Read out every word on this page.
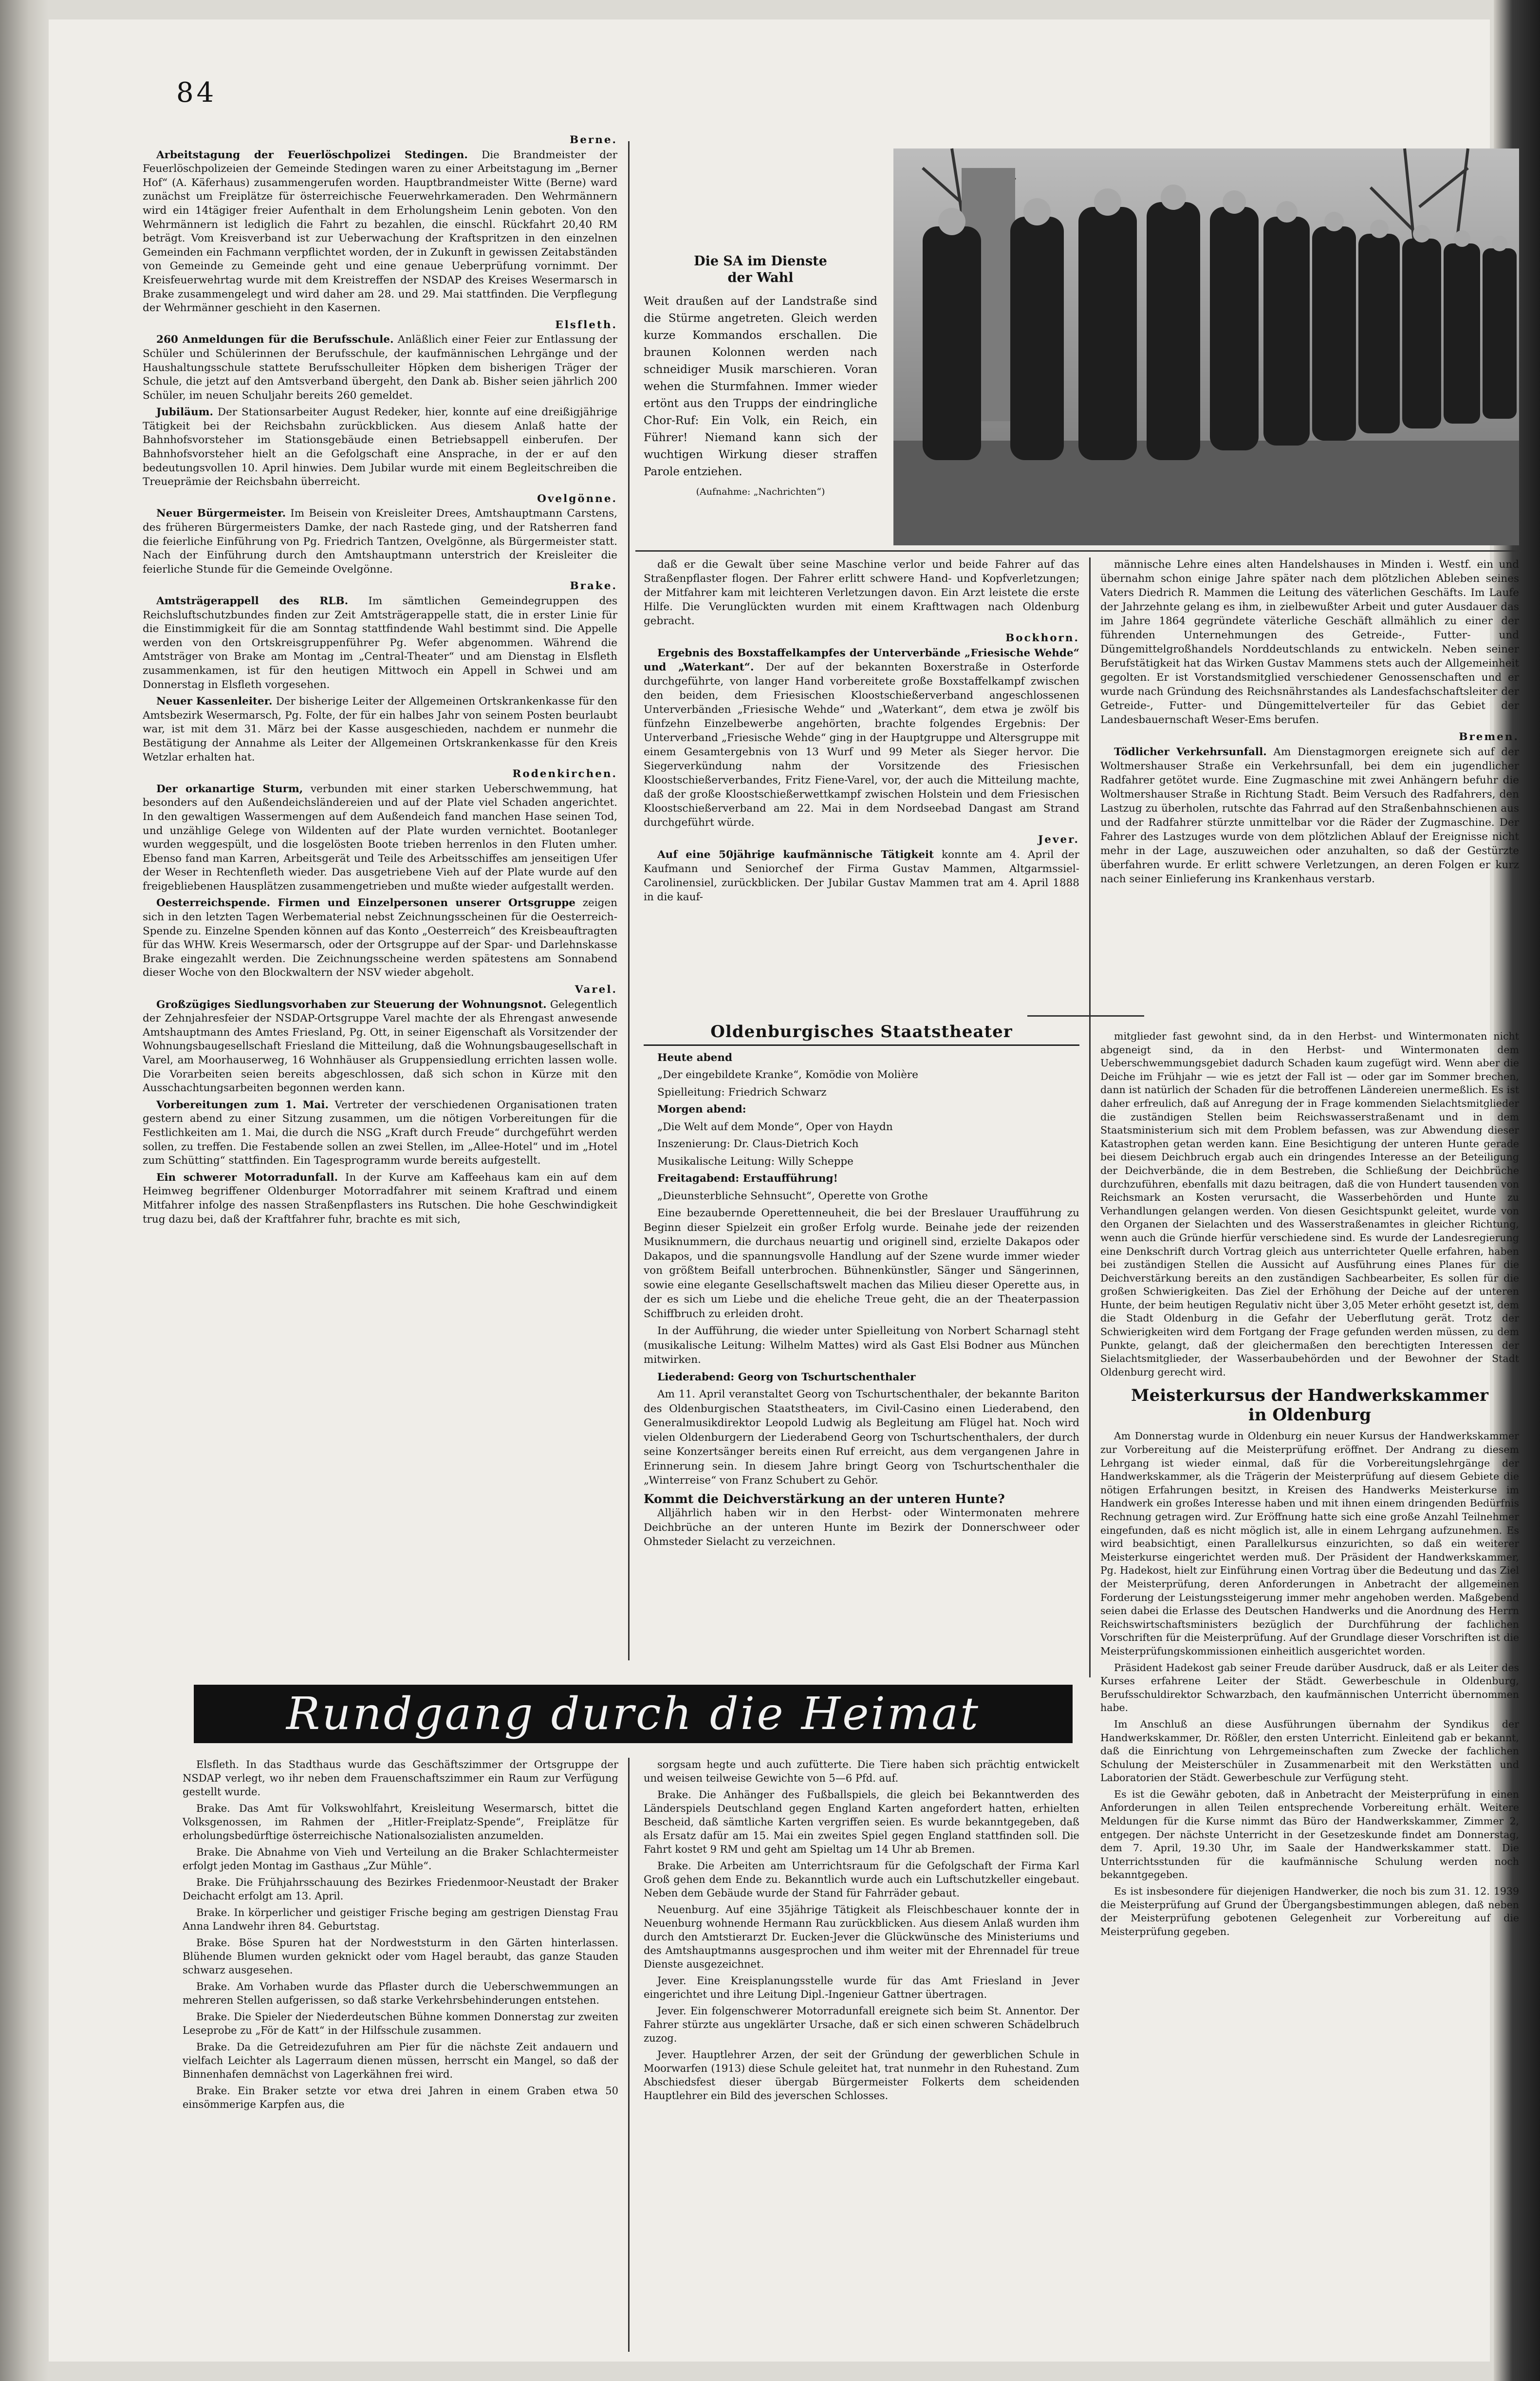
84
Berne.

Arbeitstagung der Feuerlöschpolizei Stedingen. Die Brandmeister der Feuerlöschpolizeien der Gemeinde Stedingen waren zu einer Arbeitstagung im „Berner Hof“ (A. Käferhaus) zusammengerufen worden. Hauptbrandmeister Witte (Berne) ward zunächst um Freiplätze für österreichische Feuerwehrkameraden. Den Wehrmännern wird ein 14tägiger freier Aufenthalt in dem Erholungsheim Lenin geboten. Von den Wehrmännern ist lediglich die Fahrt zu bezahlen, die einschl. Rückfahrt 20,40 RM beträgt. Vom Kreisverband ist zur Ueberwachung der Kraftspritzen in den einzelnen Gemeinden ein Fachmann verpflichtet worden, der in Zukunft in gewissen Zeitabständen von Gemeinde zu Gemeinde geht und eine genaue Ueberprüfung vornimmt. Der Kreisfeuerwehrtag wurde mit dem Kreistreffen der NSDAP des Kreises Wesermarsch in Brake zusammengelegt und wird daher am 28. und 29. Mai stattfinden. Die Verpflegung der Wehrmänner geschieht in den Kasernen.

Elsfleth.

260 Anmeldungen für die Berufsschule. Anläßlich einer Feier zur Entlassung der Schüler und Schülerinnen der Berufsschule, der kaufmännischen Lehrgänge und der Haushaltungsschule stattete Berufsschulleiter Höpken dem bisherigen Träger der Schule, die jetzt auf den Amtsverband übergeht, den Dank ab. Bisher seien jährlich 200 Schüler, im neuen Schuljahr bereits 260 gemeldet.

Jubiläum. Der Stationsarbeiter August Redeker, hier, konnte auf eine dreißigjährige Tätigkeit bei der Reichsbahn zurückblicken. Aus diesem Anlaß hatte der Bahnhofsvorsteher im Stationsgebäude einen Betriebsappell einberufen. Der Bahnhofsvorsteher hielt an die Gefolgschaft eine Ansprache, in der er auf den bedeutungsvollen 10. April hinwies. Dem Jubilar wurde mit einem Begleitschreiben die Treueprämie der Reichsbahn überreicht.

Ovelgönne.

Neuer Bürgermeister. Im Beisein von Kreisleiter Drees, Amtshauptmann Carstens, des früheren Bürgermeisters Damke, der nach Rastede ging, und der Ratsherren fand die feierliche Einführung von Pg. Friedrich Tantzen, Ovelgönne, als Bürgermeister statt. Nach der Einführung durch den Amtshauptmann unterstrich der Kreisleiter die feierliche Stunde für die Gemeinde Ovelgönne.

Brake.

Amtsträgerappell des RLB. Im sämtlichen Gemeindegruppen des Reichsluftschutzbundes finden zur Zeit Amtsträgerappelle statt, die in erster Linie für die Einstimmigkeit für die am Sonntag stattfindende Wahl bestimmt sind. Die Appelle werden von den Ortskreisgruppenführer Pg. Wefer abgenommen. Während die Amtsträger von Brake am Montag im „Central-Theater“ und am Dienstag in Elsfleth zusammenkamen, ist für den heutigen Mittwoch ein Appell in Schwei und am Donnerstag in Elsfleth vorgesehen.

Neuer Kassenleiter. Der bisherige Leiter der Allgemeinen Ortskrankenkasse für den Amtsbezirk Wesermarsch, Pg. Folte, der für ein halbes Jahr von seinem Posten beurlaubt war, ist mit dem 31. März bei der Kasse ausgeschieden, nachdem er nunmehr die Bestätigung der Annahme als Leiter der Allgemeinen Ortskrankenkasse für den Kreis Wetzlar erhalten hat.

Rodenkirchen.

Der orkanartige Sturm, verbunden mit einer starken Ueberschwemmung, hat besonders auf den Außendeichsländereien und auf der Plate viel Schaden angerichtet. In den gewaltigen Wassermengen auf dem Außendeich fand manchen Hase seinen Tod, und unzählige Gelege von Wildenten auf der Plate wurden vernichtet. Bootanleger wurden weggespült, und die losgelösten Boote trieben herrenlos in den Fluten umher. Ebenso fand man Karren, Arbeitsgerät und Teile des Arbeitsschiffes am jenseitigen Ufer der Weser in Rechtenfleth wieder. Das ausgetriebene Vieh auf der Plate wurde auf den freigebliebenen Hausplätzen zusammengetrieben und mußte wieder aufgestallt werden.

Oesterreichspende. Firmen und Einzelpersonen unserer Ortsgruppe zeigen sich in den letzten Tagen Werbematerial nebst Zeichnungsscheinen für die Oesterreich-Spende zu. Einzelne Spenden können auf das Konto „Oesterreich“ des Kreisbeauftragten für das WHW. Kreis Wesermarsch, oder der Ortsgruppe auf der Spar- und Darlehnskasse Brake eingezahlt werden. Die Zeichnungsscheine werden spätestens am Sonnabend dieser Woche von den Blockwaltern der NSV wieder abgeholt.

Varel.

Großzügiges Siedlungsvorhaben zur Steuerung der Wohnungsnot. Gelegentlich der Zehnjahresfeier der NSDAP-Ortsgruppe Varel machte der als Ehrengast anwesende Amtshauptmann des Amtes Friesland, Pg. Ott, in seiner Eigenschaft als Vorsitzender der Wohnungsbaugesellschaft Friesland die Mitteilung, daß die Wohnungsbaugesellschaft in Varel, am Moorhauserweg, 16 Wohnhäuser als Gruppensiedlung errichten lassen wolle. Die Vorarbeiten seien bereits abgeschlossen, daß sich schon in Kürze mit den Ausschachtungsarbeiten begonnen werden kann.

Vorbereitungen zum 1. Mai. Vertreter der verschiedenen Organisationen traten gestern abend zu einer Sitzung zusammen, um die nötigen Vorbereitungen für die Festlichkeiten am 1. Mai, die durch die NSG „Kraft durch Freude“ durchgeführt werden sollen, zu treffen. Die Festabende sollen an zwei Stellen, im „Allee-Hotel“ und im „Hotel zum Schütting“ stattfinden. Ein Tagesprogramm wurde bereits aufgestellt.

Ein schwerer Motorradunfall. In der Kurve am Kaffeehaus kam ein auf dem Heimweg begriffener Oldenburger Motorradfahrer mit seinem Kraftrad und einem Mitfahrer infolge des nassen Straßenpflasters ins Rutschen. Die hohe Geschwindigkeit trug dazu bei, daß der Kraftfahrer fuhr, brachte es mit sich,

Die SA im Dienste
der Wahl

Weit draußen auf der Landstraße sind die Stürme angetreten. Gleich werden kurze Kommandos erschallen. Die braunen Kolonnen werden nach schneidiger Musik marschieren. Voran wehen die Sturmfahnen. Immer wieder ertönt aus den Trupps der eindringliche Chor-Ruf: Ein Volk, ein Reich, ein Führer! Niemand kann sich der wuchtigen Wirkung dieser straffen Parole entziehen.

(Aufnahme: „Nachrichten“)

daß er die Gewalt über seine Maschine verlor und beide Fahrer auf das Straßenpflaster flogen. Der Fahrer erlitt schwere Hand- und Kopfverletzungen; der Mitfahrer kam mit leichteren Verletzungen davon. Ein Arzt leistete die erste Hilfe. Die Verunglückten wurden mit einem Krafttwagen nach Oldenburg gebracht.

Bockhorn.

Ergebnis des Boxstaffelkampfes der Unterverbände „Friesische Wehde“ und „Waterkant“. Der auf der bekannten Boxerstraße in Osterforde durchgeführte, von langer Hand vorbereitete große Boxstaffelkampf zwischen den beiden, dem Friesischen Kloostschießerverband angeschlossenen Unterverbänden „Friesische Wehde“ und „Waterkant“, dem etwa je zwölf bis fünfzehn Einzelbewerbe angehörten, brachte folgendes Ergebnis: Der Unterverband „Friesische Wehde“ ging in der Hauptgruppe und Altersgruppe mit einem Gesamtergebnis von 13 Wurf und 99 Meter als Sieger hervor. Die Siegerverkündung nahm der Vorsitzende des Friesischen Kloostschießerverbandes, Fritz Fiene-Varel, vor, der auch die Mitteilung machte, daß der große Kloostschießerwettkampf zwischen Holstein und dem Friesischen Kloostschießerverband am 22. Mai in dem Nordseebad Dangast am Strand durchgeführt würde.

Jever.

Auf eine 50jährige kaufmännische Tätigkeit konnte am 4. April der Kaufmann und Seniorchef der Firma Gustav Mammen, Altgarmssiel-Carolinensiel, zurückblicken. Der Jubilar Gustav Mammen trat am 4. April 1888 in die kauf-

männische Lehre eines alten Handelshauses in Minden i. Westf. ein und übernahm schon einige Jahre später nach dem plötzlichen Ableben seines Vaters Diedrich R. Mammen die Leitung des väterlichen Geschäfts. Im Laufe der Jahrzehnte gelang es ihm, in zielbewußter Arbeit und guter Ausdauer das im Jahre 1864 gegründete väterliche Geschäft allmählich zu einer der führenden Unternehmungen des Getreide-, Futter- und Düngemittelgroßhandels Norddeutschlands zu entwickeln. Neben seiner Berufstätigkeit hat das Wirken Gustav Mammens stets auch der Allgemeinheit gegolten. Er ist Vorstandsmitglied verschiedener Genossenschaften und er wurde nach Gründung des Reichsnährstandes als Landesfachschaftsleiter der Getreide-, Futter- und Düngemittelverteiler für das Gebiet der Landesbauernschaft Weser-Ems berufen.

Bremen.

Tödlicher Verkehrsunfall. Am Dienstagmorgen ereignete sich auf der Woltmershauser Straße ein Verkehrsunfall, bei dem ein jugendlicher Radfahrer getötet wurde. Eine Zugmaschine mit zwei Anhängern befuhr die Woltmershauser Straße in Richtung Stadt. Beim Versuch des Radfahrers, den Lastzug zu überholen, rutschte das Fahrrad auf den Straßenbahnschienen aus und der Radfahrer stürzte unmittelbar vor die Räder der Zugmaschine. Der Fahrer des Lastzuges wurde von dem plötzlichen Ablauf der Ereignisse nicht mehr in der Lage, auszuweichen oder anzuhalten, so daß der Gestürzte überfahren wurde. Er erlitt schwere Verletzungen, an deren Folgen er kurz nach seiner Einlieferung ins Krankenhaus verstarb.

Oldenburgisches Staatstheater

Heute abend

„Der eingebildete Kranke“, Komödie von Molière

Spielleitung: Friedrich Schwarz

Morgen abend:

„Die Welt auf dem Monde“, Oper von Haydn

Inszenierung: Dr. Claus-Dietrich Koch

Musikalische Leitung: Willy Scheppe

Freitagabend: Erstaufführung!

„Dieunsterbliche Sehnsucht“, Operette von Grothe

Eine bezaubernde Operettenneuheit, die bei der Breslauer Uraufführung zu Beginn dieser Spielzeit ein großer Erfolg wurde. Beinahe jede der reizenden Musiknummern, die durchaus neuartig und originell sind, erzielte Dakapos oder Dakapos, und die spannungsvolle Handlung auf der Szene wurde immer wieder von größtem Beifall unterbrochen. Bühnenkünstler, Sänger und Sängerinnen, sowie eine elegante Gesellschaftswelt machen das Milieu dieser Operette aus, in der es sich um Liebe und die eheliche Treue geht, die an der Theaterpassion Schiffbruch zu erleiden droht.

In der Aufführung, die wieder unter Spielleitung von Norbert Scharnagl steht (musikalische Leitung: Wilhelm Mattes) wird als Gast Elsi Bodner aus München mitwirken.

Liederabend: Georg von Tschurtschenthaler

Am 11. April veranstaltet Georg von Tschurtschenthaler, der bekannte Bariton des Oldenburgischen Staatstheaters, im Civil-Casino einen Liederabend, den Generalmusikdirektor Leopold Ludwig als Begleitung am Flügel hat. Noch wird vielen Oldenburgern der Liederabend Georg von Tschurtschenthalers, der durch seine Konzertsänger bereits einen Ruf erreicht, aus dem vergangenen Jahre in Erinnerung sein. In diesem Jahre bringt Georg von Tschurtschenthaler die „Winterreise“ von Franz Schubert zu Gehör.

Kommt die Deichverstärkung an der unteren Hunte?

Alljährlich haben wir in den Herbst- oder Wintermonaten mehrere Deichbrüche an der unteren Hunte im Bezirk der Donnerschweer oder Ohmsteder Sielacht zu verzeichnen.

mitglieder fast gewohnt sind, da in den Herbst- und Wintermonaten nicht abgeneigt sind, da in den Herbst- und Wintermonaten dem Ueberschwemmungsgebiet dadurch Schaden kaum zugefügt wird. Wenn aber die Deiche im Frühjahr — wie es jetzt der Fall ist — oder gar im Sommer brechen, dann ist natürlich der Schaden für die betroffenen Ländereien unermeßlich. Es ist daher erfreulich, daß auf Anregung der in Frage kommenden Sielachtsmitglieder die zuständigen Stellen beim Reichswasserstraßenamt und in dem Staatsministerium sich mit dem Problem befassen, was zur Abwendung dieser Katastrophen getan werden kann. Eine Besichtigung der unteren Hunte gerade bei diesem Deichbruch ergab auch ein dringendes Interesse an der Beteiligung der Deichverbände, die in dem Bestreben, die Schließung der Deichbrüche durchzuführen, ebenfalls mit dazu beitragen, daß die von Hundert tausenden von Reichsmark an Kosten verursacht, die Wasserbehörden und Hunte zu Verhandlungen gelangen werden. Von diesen Gesichtspunkt geleitet, wurde von den Organen der Sielachten und des Wasserstraßenamtes in gleicher Richtung, wenn auch die Gründe hierfür verschiedene sind. Es wurde der Landesregierung eine Denkschrift durch Vortrag gleich aus unterrichteter Quelle erfahren, haben bei zuständigen Stellen die Aussicht auf Ausführung eines Planes für die Deichverstärkung bereits an den zuständigen Sachbearbeiter, Es sollen für die großen Schwierigkeiten. Das Ziel der Erhöhung der Deiche auf der unteren Hunte, der beim heutigen Regulativ nicht über 3,05 Meter erhöht gesetzt ist, dem die Stadt Oldenburg in die Gefahr der Ueberflutung gerät. Trotz der Schwierigkeiten wird dem Fortgang der Frage gefunden werden müssen, zu dem Punkte, gelangt, daß der gleichermaßen den berechtigten Interessen der Sielachtsmitglieder, der Wasserbaubehörden und der Bewohner der Stadt Oldenburg gerecht wird.

Meisterkursus der Handwerkskammer
in Oldenburg

Am Donnerstag wurde in Oldenburg ein neuer Kursus der Handwerkskammer zur Vorbereitung auf die Meisterprüfung eröffnet. Der Andrang zu diesem Lehrgang ist wieder einmal, daß für die Vorbereitungslehrgänge der Handwerkskammer, als die Trägerin der Meisterprüfung auf diesem Gebiete die nötigen Erfahrungen besitzt, in Kreisen des Handwerks Meisterkurse im Handwerk ein großes Interesse haben und mit ihnen einem dringenden Bedürfnis Rechnung getragen wird. Zur Eröffnung hatte sich eine große Anzahl Teilnehmer eingefunden, daß es nicht möglich ist, alle in einem Lehrgang aufzunehmen. Es wird beabsichtigt, einen Parallelkursus einzurichten, so daß ein weiterer Meisterkurse eingerichtet werden muß. Der Präsident der Handwerkskammer, Pg. Hadekost, hielt zur Einführung einen Vortrag über die Bedeutung und das Ziel der Meisterprüfung, deren Anforderungen in Anbetracht der allgemeinen Forderung der Leistungssteigerung immer mehr angehoben werden. Maßgebend seien dabei die Erlasse des Deutschen Handwerks und die Anordnung des Herrn Reichswirtschaftsministers bezüglich der Durchführung der fachlichen Vorschriften für die Meisterprüfung. Auf der Grundlage dieser Vorschriften ist die Meisterprüfungskommissionen einheitlich ausgerichtet worden.

Präsident Hadekost gab seiner Freude darüber Ausdruck, daß er als Leiter des Kurses erfahrene Leiter der Städt. Gewerbeschule in Oldenburg, Berufsschuldirektor Schwarzbach, den kaufmännischen Unterricht übernommen habe.

Im Anschluß an diese Ausführungen übernahm der Syndikus der Handwerkskammer, Dr. Rößler, den ersten Unterricht. Einleitend gab er bekannt, daß die Einrichtung von Lehrgemeinschaften zum Zwecke der fachlichen Schulung der Meisterschüler in Zusammenarbeit mit den Werkstätten und Laboratorien der Städt. Gewerbeschule zur Verfügung steht.

Es ist die Gewähr geboten, daß in Anbetracht der Meisterprüfung in einen Anforderungen in allen Teilen entsprechende Vorbereitung erhält. Weitere Meldungen für die Kurse nimmt das Büro der Handwerkskammer, Zimmer 2, entgegen. Der nächste Unterricht in der Gesetzeskunde findet am Donnerstag, dem 7. April, 19.30 Uhr, im Saale der Handwerkskammer statt. Die Unterrichtsstunden für die kaufmännische Schulung werden noch bekanntgegeben.

Es ist insbesondere für diejenigen Handwerker, die noch bis zum 31. 12. 1939 die Meisterprüfung auf Grund der Übergangsbestimmungen ablegen, daß neben der Meisterprüfung gebotenen Gelegenheit zur Vorbereitung auf die Meisterprüfung gegeben.

Rundgang durch die Heimat

Elsfleth. In das Stadthaus wurde das Geschäftszimmer der Ortsgruppe der NSDAP verlegt, wo ihr neben dem Frauenschaftszimmer ein Raum zur Verfügung gestellt wurde.

Brake. Das Amt für Volkswohlfahrt, Kreisleitung Wesermarsch, bittet die Volksgenossen, im Rahmen der „Hitler-Freiplatz-Spende“, Freiplätze für erholungsbedürftige österreichische Nationalsozialisten anzumelden.

Brake. Die Abnahme von Vieh und Verteilung an die Braker Schlachtermeister erfolgt jeden Montag im Gasthaus „Zur Mühle“.

Brake. Die Frühjahrsschauung des Bezirkes Friedenmoor-Neustadt der Braker Deichacht erfolgt am 13. April.

Brake. In körperlicher und geistiger Frische beging am gestrigen Dienstag Frau Anna Landwehr ihren 84. Geburtstag.

Brake. Böse Spuren hat der Nordweststurm in den Gärten hinterlassen. Blühende Blumen wurden geknickt oder vom Hagel beraubt, das ganze Stauden schwarz ausgesehen.

Brake. Am Vorhaben wurde das Pflaster durch die Ueberschwemmungen an mehreren Stellen aufgerissen, so daß starke Verkehrsbehinderungen entstehen.

Brake. Die Spieler der Niederdeutschen Bühne kommen Donnerstag zur zweiten Leseprobe zu „För de Katt“ in der Hilfsschule zusammen.

Brake. Da die Getreidezufuhren am Pier für die nächste Zeit andauern und vielfach Leichter als Lagerraum dienen müssen, herrscht ein Mangel, so daß der Binnenhafen demnächst von Lagerkähnen frei wird.

Brake. Ein Braker setzte vor etwa drei Jahren in einem Graben etwa 50 einsömmerige Karpfen aus, die

sorgsam hegte und auch zufütterte. Die Tiere haben sich prächtig entwickelt und weisen teilweise Gewichte von 5—6 Pfd. auf.

Brake. Die Anhänger des Fußballspiels, die gleich bei Bekanntwerden des Länderspiels Deutschland gegen England Karten angefordert hatten, erhielten Bescheid, daß sämtliche Karten vergriffen seien. Es wurde bekanntgegeben, daß als Ersatz dafür am 15. Mai ein zweites Spiel gegen England stattfinden soll. Die Fahrt kostet 9 RM und geht am Spieltag um 14 Uhr ab Bremen.

Brake. Die Arbeiten am Unterrichtsraum für die Gefolgschaft der Firma Karl Groß gehen dem Ende zu. Bekanntlich wurde auch ein Luftschutzkeller eingebaut. Neben dem Gebäude wurde der Stand für Fahrräder gebaut.

Neuenburg. Auf eine 35jährige Tätigkeit als Fleischbeschauer konnte der in Neuenburg wohnende Hermann Rau zurückblicken. Aus diesem Anlaß wurden ihm durch den Amtstierarzt Dr. Eucken-Jever die Glückwünsche des Ministeriums und des Amtshauptmanns ausgesprochen und ihm weiter mit der Ehrennadel für treue Dienste ausgezeichnet.

Jever. Eine Kreisplanungsstelle wurde für das Amt Friesland in Jever eingerichtet und ihre Leitung Dipl.-Ingenieur Gattner übertragen.

Jever. Ein folgenschwerer Motorradunfall ereignete sich beim St. Annentor. Der Fahrer stürzte aus ungeklärter Ursache, daß er sich einen schweren Schädelbruch zuzog.

Jever. Hauptlehrer Arzen, der seit der Gründung der gewerblichen Schule in Moorwarfen (1913) diese Schule geleitet hat, trat nunmehr in den Ruhestand. Zum Abschiedsfest dieser übergab Bürgermeister Folkerts dem scheidenden Hauptlehrer ein Bild des jeverschen Schlosses.
